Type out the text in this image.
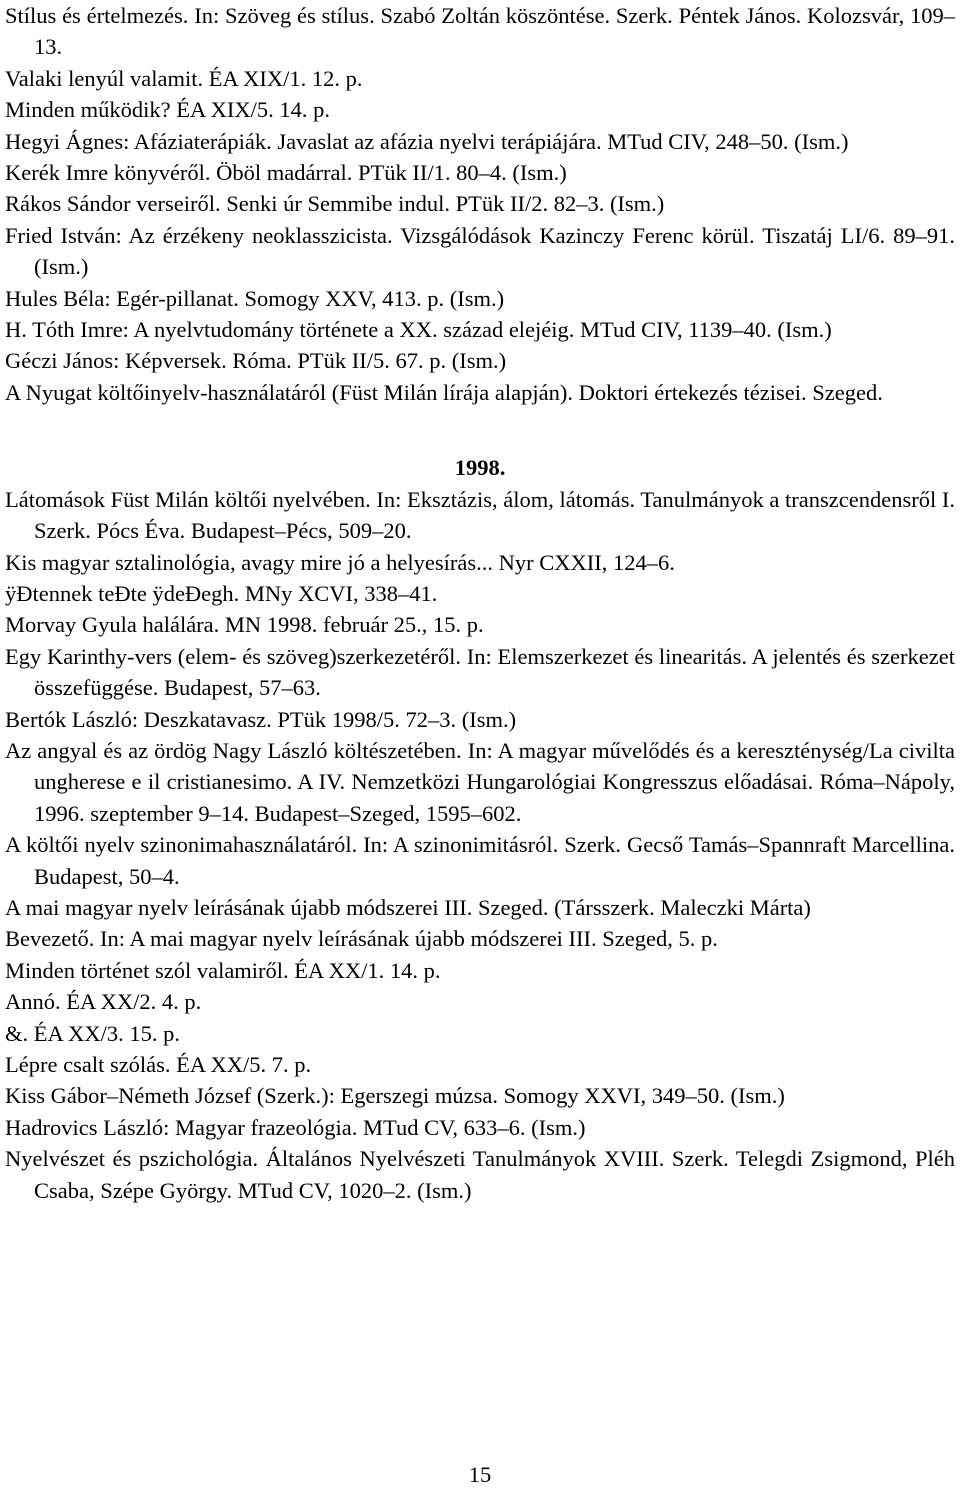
Stílus és értelmezés. In: Szöveg és stílus. Szabó Zoltán köszöntése. Szerk. Péntek János. Kolozsvár, 109–13.

Valaki lenyúl valamit. ÉA XIX/1. 12. p.

Minden működik? ÉA XIX/5. 14. p.

Hegyi Ágnes: Afáziaterápiák. Javaslat az afázia nyelvi terápiájára. MTud CIV, 248–50. (Ism.)

Kerék Imre könyvéről. Öböl madárral. PTük II/1. 80–4. (Ism.)

Rákos Sándor verseiről. Senki úr Semmibe indul. PTük II/2. 82–3. (Ism.)

Fried István: Az érzékeny neoklasszicista. Vizsgálódások Kazinczy Ferenc körül. Tiszatáj LI/6. 89–91. (Ism.)

Hules Béla: Egér-pillanat. Somogy XXV, 413. p. (Ism.)

H. Tóth Imre: A nyelvtudomány története a XX. század elejéig. MTud CIV, 1139–40. (Ism.)

Géczi János: Képversek. Róma. PTük II/5. 67. p. (Ism.)

A Nyugat költőinyelv-használatáról (Füst Milán lírája alapján). Doktori értekezés tézisei. Szeged.

1998.

Látomások Füst Milán költői nyelvében. In: Eksztázis, álom, látomás. Tanulmányok a transzcendensről I. Szerk. Pócs Éva. Budapest–Pécs, 509–20.

Kis magyar sztalinológia, avagy mire jó a helyesírás... Nyr CXXII, 124–6.

ÿĐtennek teĐte ÿdeĐegh. MNy XCVI, 338–41.

Morvay Gyula halálára. MN 1998. február 25., 15. p.

Egy Karinthy-vers (elem- és szöveg)szerkezetéről. In: Elemszerkezet és linearitás. A jelentés és szerkezet összefüggése. Budapest, 57–63.

Bertók László: Deszkatavasz. PTük 1998/5. 72–3. (Ism.)

Az angyal és az ördög Nagy László költészetében. In: A magyar művelődés és a kereszténység/La civilta ungherese e il cristianesimo. A IV. Nemzetközi Hungarológiai Kongresszus előadásai. Róma–Nápoly, 1996. szeptember 9–14. Budapest–Szeged, 1595–602.

A költői nyelv szinonimahasználatáról. In: A szinonimitásról. Szerk. Gecső Tamás–Spannraft Marcellina. Budapest, 50–4.

A mai magyar nyelv leírásának újabb módszerei III. Szeged. (Társszerk. Maleczki Márta)

Bevezető. In: A mai magyar nyelv leírásának újabb módszerei III. Szeged, 5. p.

Minden történet szól valamiről. ÉA XX/1. 14. p.

Annó. ÉA XX/2. 4. p.

&. ÉA XX/3. 15. p.

Lépre csalt szólás. ÉA XX/5. 7. p.

Kiss Gábor–Németh József (Szerk.): Egerszegi múzsa. Somogy XXVI, 349–50. (Ism.)

Hadrovics László: Magyar frazeológia. MTud CV, 633–6. (Ism.)

Nyelvészet és pszichológia. Általános Nyelvészeti Tanulmányok XVIII. Szerk. Telegdi Zsigmond, Pléh Csaba, Szépe György. MTud CV, 1020–2. (Ism.)

15
